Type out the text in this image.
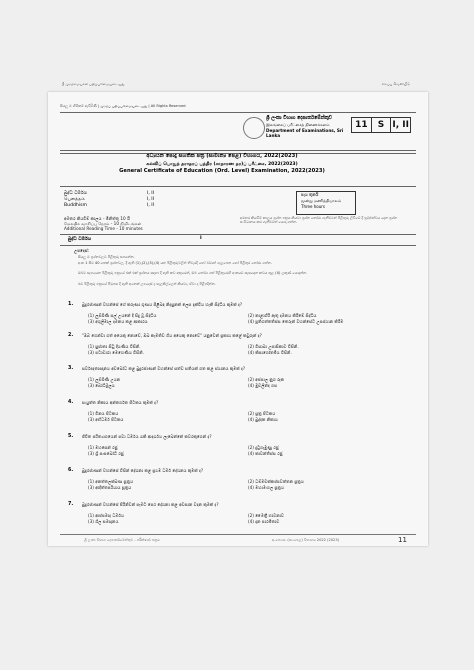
நீ முழுமையான பதிப்புரிமையுடையது	சிறப்பு வெளியீடு
සියලු ම හිමිකම් ඇවිරිණි | முழுப் பதிப்புரிமையுடையது | All Rights Reserved
ශ්‍රී ලංකා විභාග දෙපාර්තමේන්තුව
இலங்கைப் பரீட்சைத் திணைக்களம்
Department of Examinations, Sri Lanka
11	S I, II
අධ්‍යයන පොදු සහතික පත්‍ර (සාමාන්‍ය පෙළ) විභාගය, 2022(2023)
கல்விப் பொதுத் தராதரப் பத்திர (சாதாரண தர)ப் பரீட்சை, 2022(2023)
General Certificate of Education (Ord. Level) Examination, 2022(2023)
බුද්ධ ධර්මය	I, II
பௌத்தம்	I, II
Buddhism	I, II
පැය තුනයි
மூன்று மணித்தியாலம்
Three hours
අමතර කියවීම් කාලය - මිනිත්තු 10 යි
மேலதிக வாசிப்பு நேரம் - 10 நிமிடங்கள்
Additional Reading Time - 10 minutes
අමතර කියවීම් කාලය ප්‍රශ්න පත්‍රය කියවා ප්‍රශ්න තෝරා ගැනීමටත් පිළිතුරු ලිවීමේ දී ප්‍රමුඛත්වය දෙන ප්‍රශ්න සංවිධානය කර ගැනීමටත් යොදා ගන්න.
බුද්ධ ධර්මය	I
උපදෙස්:
සියලු ම ප්‍රශ්නවලට පිළිතුරු සපයන්න.
අංක 1 සිට 40 තෙක් ප්‍රශ්නවල, දී ඇති (1),(2),(3),(4) යන පිළිතුරුවලින් නිවැරදි හෝ වඩාත් ගැළපෙන හෝ පිළිතුර තෝරා ගන්න.
ඔබට සැපයෙන පිළිතුරු පත්‍රයේ එක් එක් ප්‍රශ්නය සඳහා දී ඇති කව අතුරෙන්, ඔබ තෝරා ගත් පිළිතුරෙහි අංකයට සැසඳෙන කවය තුළ (X) ලකුණ යොදන්න.
එම පිළිතුරු පත්‍රයේ පිටුපස දී ඇති අනෙක් උපදෙස් ද සැලකිල්ලෙන් කියවා, ඒවා ද පිළිපදින්න.
1.	බුදුරජාණන් වහන්සේ ගේ කරුණා ගුණය පිළිබඳ නිදසුනක් ලෙස දැක්විය හැකි සිද්ධිය කුමක් ද?
(1) ලුම්බිණි සල් උයනේ දී සිදු වූ සිද්ධිය	(2) නාළාගිරි ඇතු දමනය කිරීමේ සිද්ධිය
(3) අගුලිමාල දමනය කළ ආකාරය	(4) පූතිගත්තතිස්ස තෙරුන් වහන්සේට උපස්ථාන කිරීම
2.	"ඔබ ගෙන්වා ගත් අයෙකු නොවේ, ඔබ කැමතිව ගිය අයෙකු නොවේ" යනුවෙන් ප්‍රකාශ කළේ කවුරුන් ද?
(1) සුජාතා සිටු දියණිය විසිනි.	(2) විසාඛා උපාසිකාව විසිනි.
(3) පටාචාරා මෙහෙණිය විසිනි.	(4) කිසාගෝතමිය විසිනි.
3.	සර්වඥතාඥානය අවබෝධ කළ බුදුරජාණන් වහන්සේ සත්ව සතියක් ගත කළ ස්ථානය කුමක් ද?
(1) ලුම්බිණි උයන	(2) අජපාල නුග රුක
(3) බෝධිමූලය	(4) මුචලින්ද ගස
4.	සංයුත්ත නිකාය අන්තර්ගත පිටකය කුමක් ද?
(1) විනය පිටකය	(2) සූත්‍ර පිටකය
(3) අභිධර්ම පිටකය	(4) ඛුද්දක නිකාය
5.	ජීවිත පරිත්‍යාගයෙන් පවා ධර්මය රැකි ආදර්ශය ලැබෙන්නේ කවරකුගෙන් ද?
(1) මහසෙන් රජු	(2) දුටුගැමුණු රජු
(3) ශ්‍රී සංඝබෝධි රජු	(4) කාවන්තිස්ස රජු
6.	බුදුරජාණන් වහන්සේ විසින් දේශනා කළ ප්‍රථම ධර්ම දේශනය කුමක් ද?
(1) අනත්තලක්ඛණ සූත්‍රය	(2) ධම්මචක්කප්පවත්තන සූත්‍රය
(3) ආදිත්තපරියාය සූත්‍රය	(4) මහාමංගල සූත්‍රය
7.	බුදුරජාණන් වහන්සේ පිරිනිවන් පෑමට පෙර දේශනා කළ අවසාන වදන කුමක් ද?
(1) ආප්පමාද ධර්මය	(2) මෛත්‍රී භාවනාව
(3) ශීල සමාදානය	(4) දාන පාරමිතාව
ශ්‍රී ලංකා විභාග දෙපාර්තමේන්තුව - පරීක්ෂණ පත්‍රය	අ.පො.ස. (සා.පෙළ) විභාගය 2022 (2023)	11
